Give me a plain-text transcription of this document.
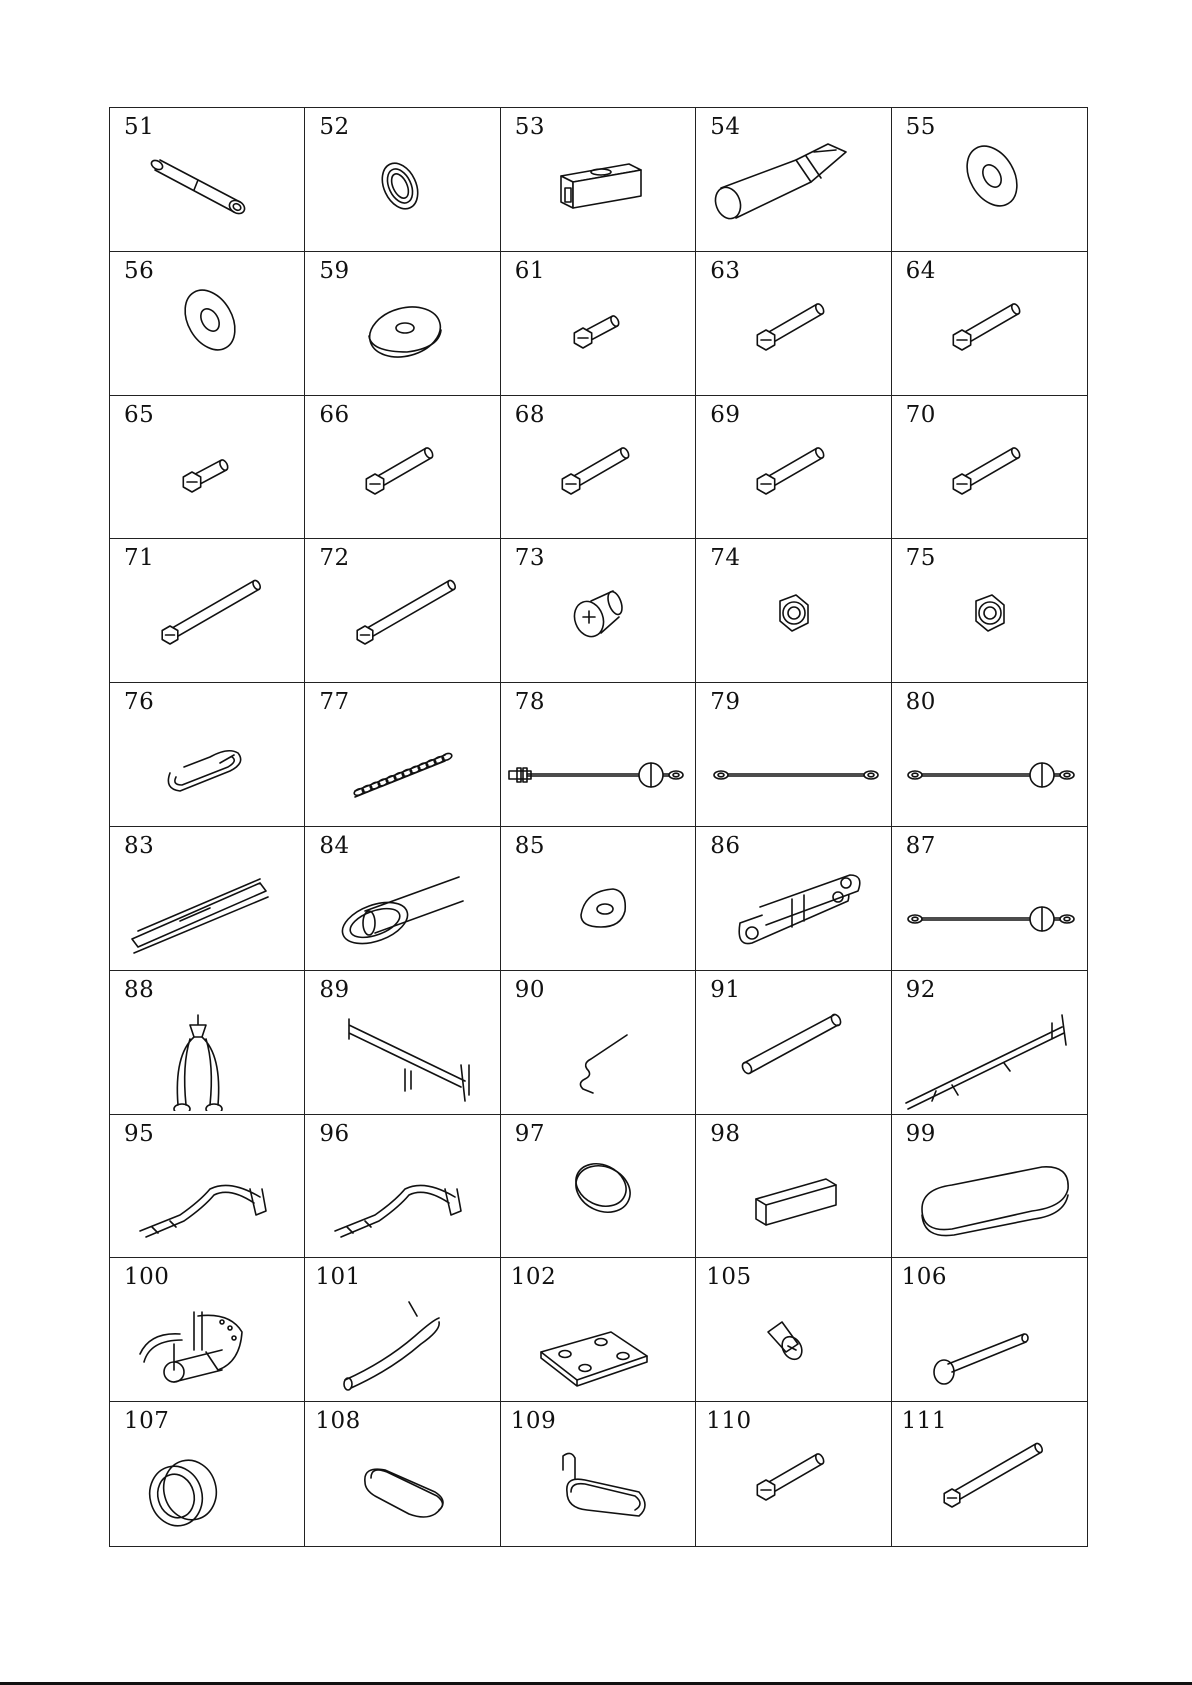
51	52	53	54	55
56	59	61	63	64
65	66	68	69	70
71	72	73	74	75
76	77	78	79	80
83	84	85	86	87
88	89	90	91	92
95	96	97	98	99
100	101	102	105	106
107	108	109	110	111
